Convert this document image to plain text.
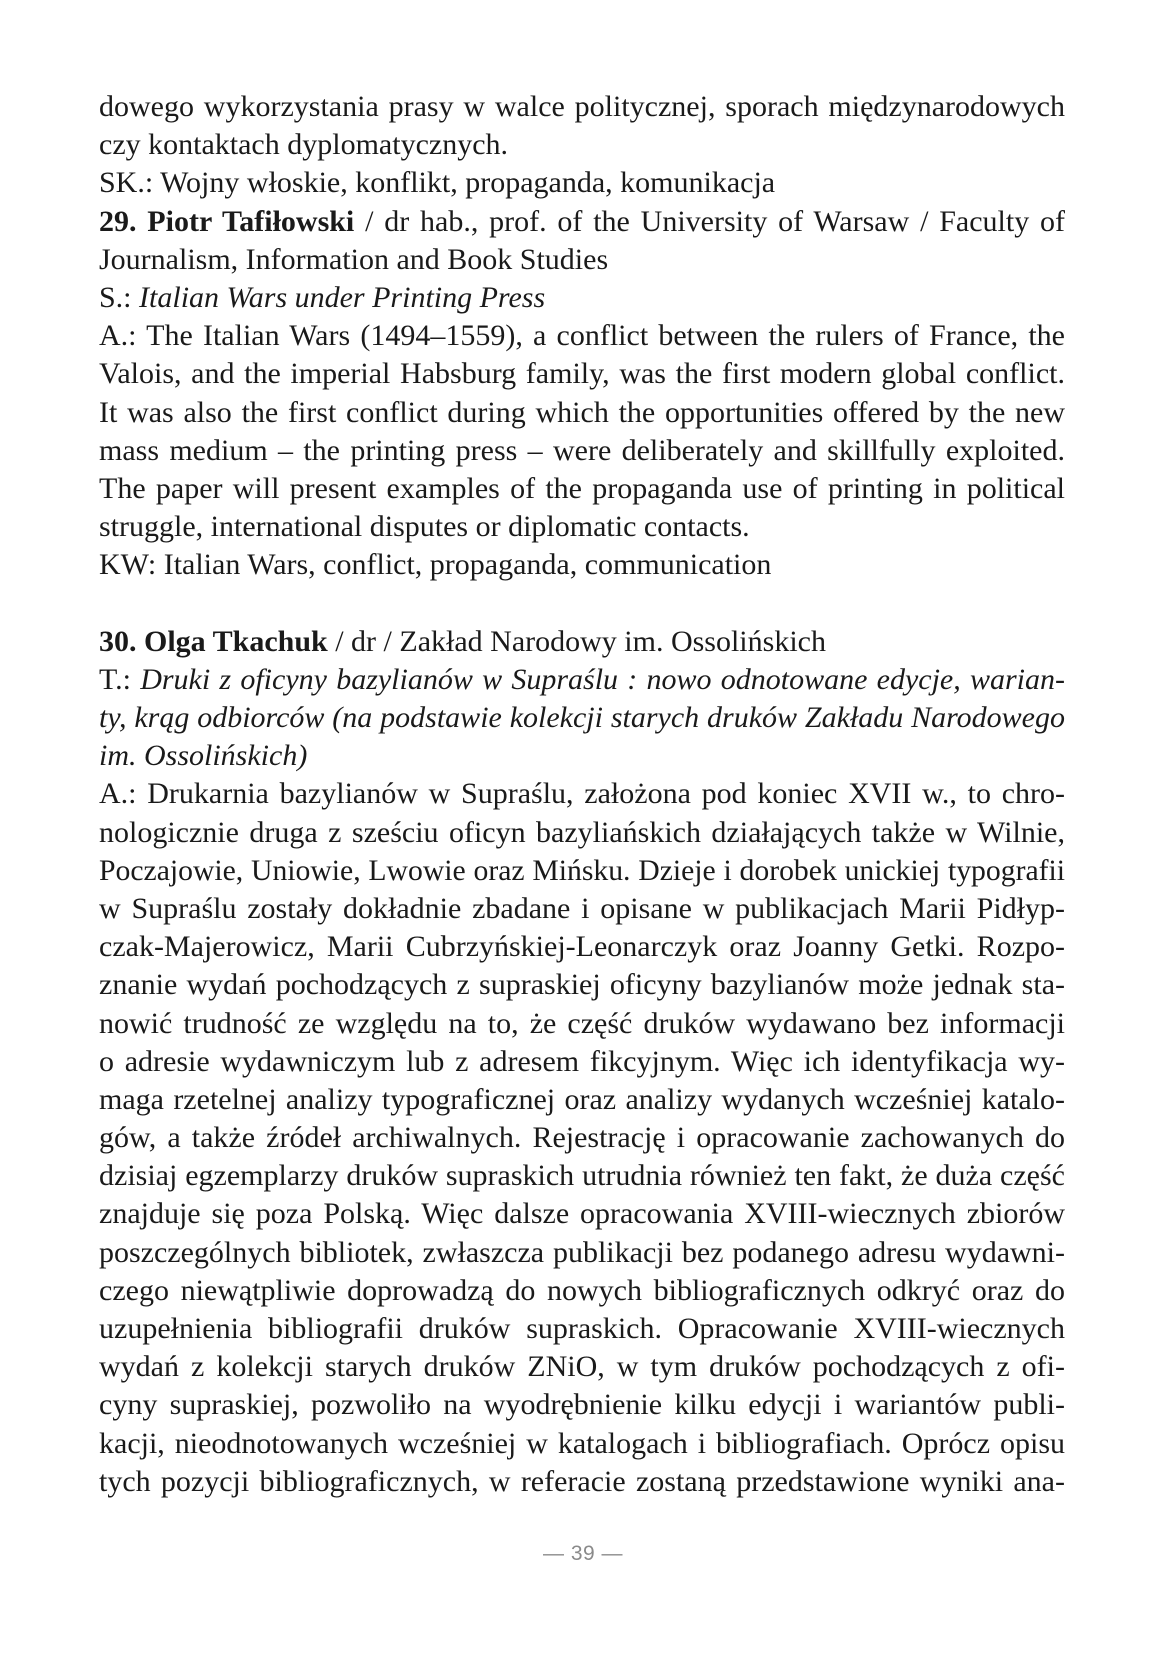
dowego wykorzystania prasy w walce politycznej, sporach międzynarodowych
czy kontaktach dyplomatycznych.
SK.: Wojny włoskie, konflikt, propaganda, komunikacja
29. Piotr Tafiłowski / dr hab., prof. of the University of Warsaw / Faculty of
Journalism, Information and Book Studies
S.: Italian Wars under Printing Press
A.: The Italian Wars (1494–1559), a conflict between the rulers of France, the
Valois, and the imperial Habsburg family, was the first modern global conflict.
It was also the first conflict during which the opportunities offered by the new
mass medium – the printing press – were deliberately and skillfully exploited.
The paper will present examples of the propaganda use of printing in political
struggle, international disputes or diplomatic contacts.
KW: Italian Wars, conflict, propaganda, communication
30. Olga Tkachuk / dr / Zakład Narodowy im. Ossolińskich
T.: Druki z oficyny bazylianów w Supraślu : nowo odnotowane edycje, warian-
ty, krąg odbiorców (na podstawie kolekcji starych druków Zakładu Narodowego
im. Ossolińskich)
A.: Drukarnia bazylianów w Supraślu, założona pod koniec XVII w., to chro-
nologicznie druga z sześciu oficyn bazyliańskich działających także w Wilnie,
Poczajowie, Uniowie, Lwowie oraz Mińsku. Dzieje i dorobek unickiej typografii
w Supraślu zostały dokładnie zbadane i opisane w publikacjach Marii Pidłyp-
czak-Majerowicz, Marii Cubrzyńskiej-Leonarczyk oraz Joanny Getki. Rozpo-
znanie wydań pochodzących z supraskiej oficyny bazylianów może jednak sta-
nowić trudność ze względu na to, że część druków wydawano bez informacji
o adresie wydawniczym lub z adresem fikcyjnym. Więc ich identyfikacja wy-
maga rzetelnej analizy typograficznej oraz analizy wydanych wcześniej katalo-
gów, a także źródeł archiwalnych. Rejestrację i opracowanie zachowanych do
dzisiaj egzemplarzy druków supraskich utrudnia również ten fakt, że duża część
znajduje się poza Polską. Więc dalsze opracowania XVIII-wiecznych zbiorów
poszczególnych bibliotek, zwłaszcza publikacji bez podanego adresu wydawni-
czego niewątpliwie doprowadzą do nowych bibliograficznych odkryć oraz do
uzupełnienia bibliografii druków supraskich. Opracowanie XVIII-wiecznych
wydań z kolekcji starych druków ZNiO, w tym druków pochodzących z ofi-
cyny supraskiej, pozwoliło na wyodrębnienie kilku edycji i wariantów publi-
kacji, nieodnotowanych wcześniej w katalogach i bibliografiach. Oprócz opisu
tych pozycji bibliograficznych, w referacie zostaną przedstawione wyniki ana-
— 39 —
